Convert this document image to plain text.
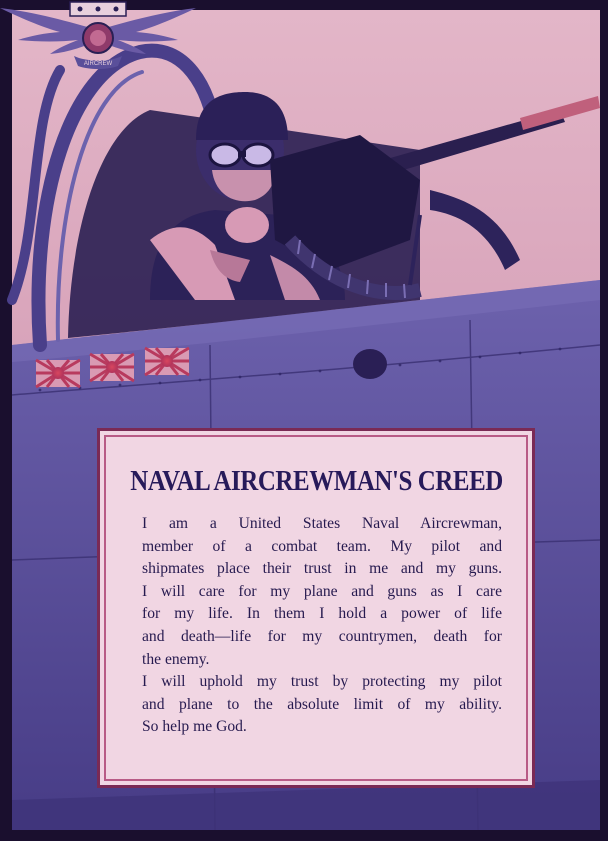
NAVAL AIRCREWMAN'S CREED
I am a United States Naval Aircrewman,
member of a combat team. My pilot and
shipmates place their trust in me and my guns.
I will care for my plane and guns as I care
for my life. In them I hold a power of life
and death—life for my countrymen, death for
the enemy.
I will uphold my trust by protecting my pilot
and plane to the absolute limit of my ability.
So help me God.
AIRCREW
